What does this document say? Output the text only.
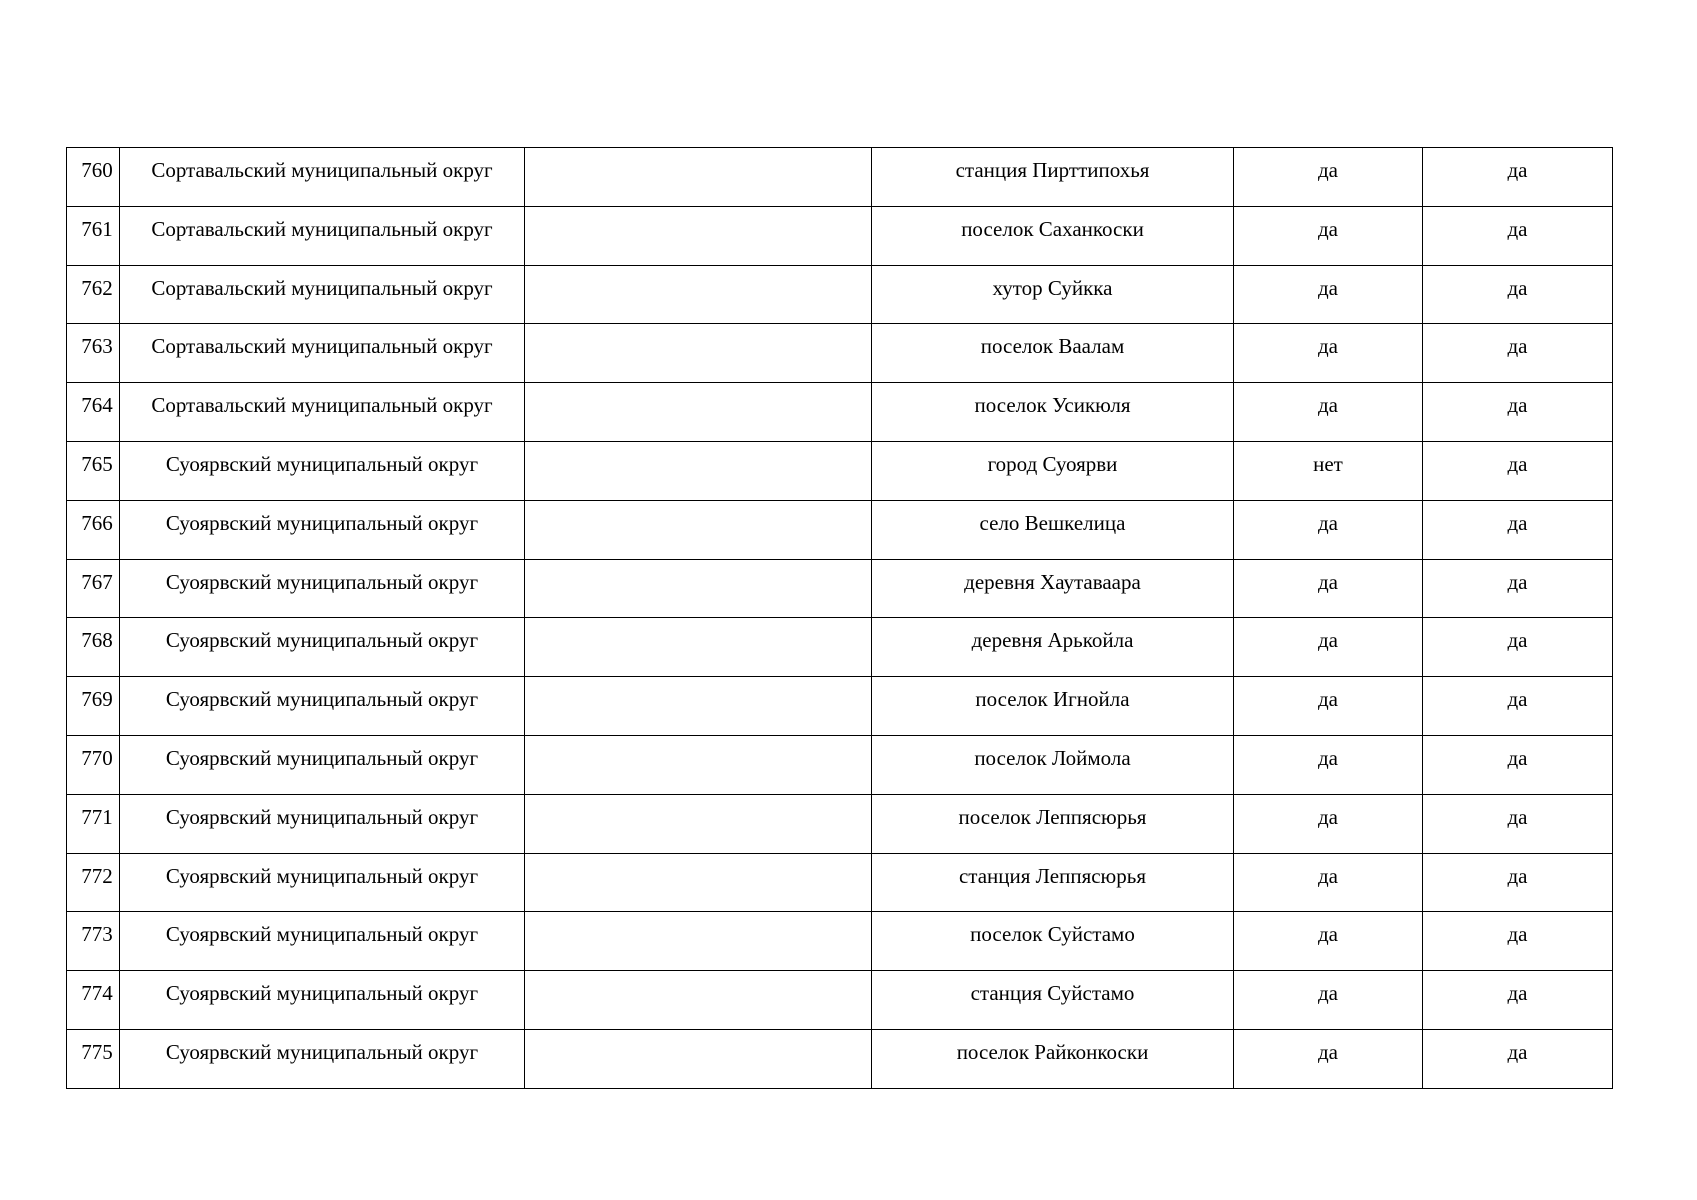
760	Сортавальский муниципальный округ		станция Пирттипохья	да	да

761	Сортавальский муниципальный округ		поселок Саханкоски	да	да

762	Сортавальский муниципальный округ		хутор Суйкка	да	да

763	Сортавальский муниципальный округ		поселок Ваалам	да	да

764	Сортавальский муниципальный округ		поселок Усикюля	да	да

765	Суоярвский муниципальный округ		город Суоярви	нет	да

766	Суоярвский муниципальный округ		село Вешкелица	да	да

767	Суоярвский муниципальный округ		деревня Хаутаваара	да	да

768	Суоярвский муниципальный округ		деревня Арькойла	да	да

769	Суоярвский муниципальный округ		поселок Игнойла	да	да

770	Суоярвский муниципальный округ		поселок Лоймола	да	да

771	Суоярвский муниципальный округ		поселок Леппясюрья	да	да

772	Суоярвский муниципальный округ		станция Леппясюрья	да	да

773	Суоярвский муниципальный округ		поселок Суйстамо	да	да

774	Суоярвский муниципальный округ		станция Суйстамо	да	да

775	Суоярвский муниципальный округ		поселок Райконкоски	да	да
